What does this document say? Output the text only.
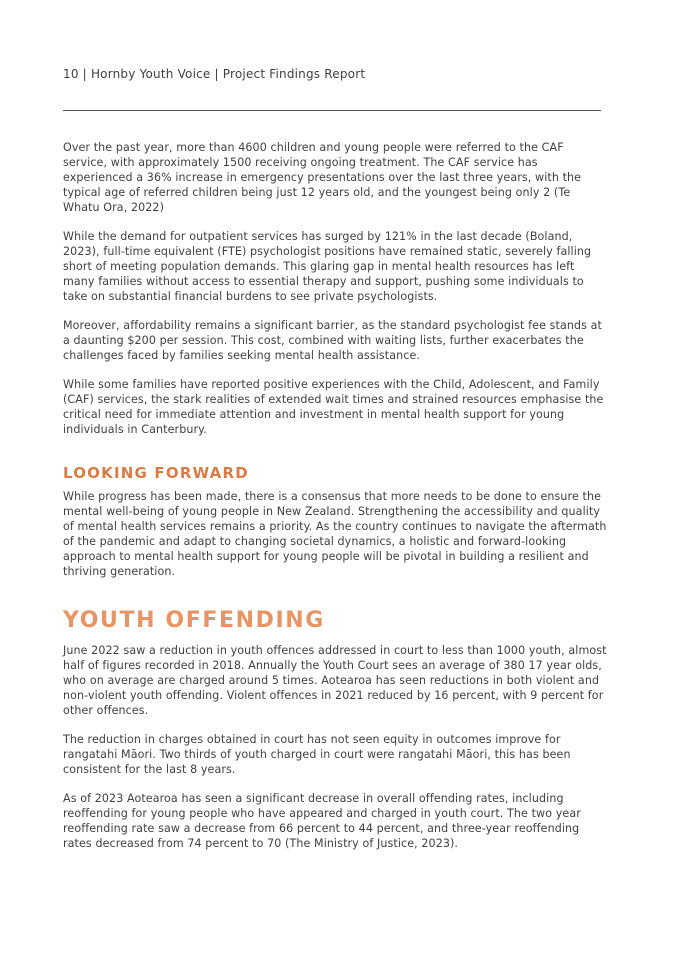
10 | Hornby Youth Voice | Project Findings Report

Over the past year, more than 4600 children and young people were referred to the CAF service, with approximately 1500 receiving ongoing treatment. The CAF service has experienced a 36% increase in emergency presentations over the last three years, with the typical age of referred children being just 12 years old, and the youngest being only 2 (Te Whatu Ora, 2022)

While the demand for outpatient services has surged by 121% in the last decade (Boland, 2023), full-time equivalent (FTE) psychologist positions have remained static, severely falling short of meeting population demands. This glaring gap in mental health resources has left many families without access to essential therapy and support, pushing some individuals to take on substantial financial burdens to see private psychologists.

Moreover, affordability remains a significant barrier, as the standard psychologist fee stands at a daunting $200 per session. This cost, combined with waiting lists, further exacerbates the challenges faced by families seeking mental health assistance.

While some families have reported positive experiences with the Child, Adolescent, and Family (CAF) services, the stark realities of extended wait times and strained resources emphasise the critical need for immediate attention and investment in mental health support for young individuals in Canterbury.

LOOKING FORWARD

While progress has been made, there is a consensus that more needs to be done to ensure the mental well-being of young people in New Zealand. Strengthening the accessibility and quality of mental health services remains a priority. As the country continues to navigate the aftermath of the pandemic and adapt to changing societal dynamics, a holistic and forward-looking approach to mental health support for young people will be pivotal in building a resilient and thriving generation.

YOUTH OFFENDING

June 2022 saw a reduction in youth offences addressed in court to less than 1000 youth, almost half of figures recorded in 2018. Annually the Youth Court sees an average of 380 17 year olds, who on average are charged around 5 times. Aotearoa has seen reductions in both violent and non-violent youth offending. Violent offences in 2021 reduced by 16 percent, with 9 percent for other offences.

The reduction in charges obtained in court has not seen equity in outcomes improve for rangatahi Māori. Two thirds of youth charged in court were rangatahi Māori, this has been consistent for the last 8 years.

As of 2023 Aotearoa has seen a significant decrease in overall offending rates, including reoffending for young people who have appeared and charged in youth court. The two year reoffending rate saw a decrease from 66 percent to 44 percent, and three-year reoffending rates decreased from 74 percent to 70 (The Ministry of Justice, 2023).
